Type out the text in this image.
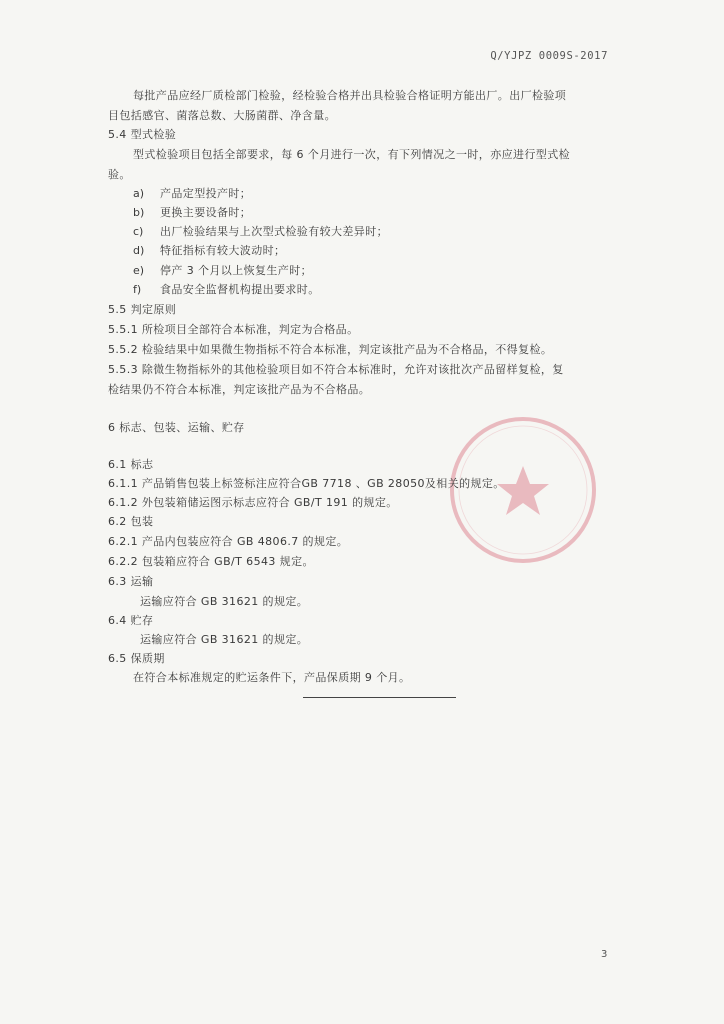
Q/YJPZ 0009S-2017
每批产品应经厂质检部门检验，经检验合格并出具检验合格证明方能出厂。出厂检验项
目包括感官、菌落总数、大肠菌群、净含量。
5.4 型式检验
型式检验项目包括全部要求，每 6 个月进行一次，有下列情况之一时，亦应进行型式检
验。
a) 产品定型投产时；
b) 更换主要设备时；
c) 出厂检验结果与上次型式检验有较大差异时；
d) 特征指标有较大波动时；
e) 停产 3 个月以上恢复生产时；
f) 食品安全监督机构提出要求时。
5.5 判定原则
5.5.1 所检项目全部符合本标准，判定为合格品。
5.5.2 检验结果中如果微生物指标不符合本标准，判定该批产品为不合格品，不得复检。
5.5.3 除微生物指标外的其他检验项目如不符合本标准时，允许对该批次产品留样复检，复
检结果仍不符合本标准，判定该批产品为不合格品。
6 标志、包装、运输、贮存
6.1 标志
6.1.1 产品销售包装上标签标注应符合GB 7718 、GB 28050及相关的规定。
6.1.2 外包装箱储运图示标志应符合 GB/T 191 的规定。
6.2 包装
6.2.1 产品内包装应符合 GB 4806.7 的规定。
6.2.2 包装箱应符合 GB/T 6543 规定。
6.3 运输
运输应符合 GB 31621 的规定。
6.4 贮存
运输应符合 GB 31621 的规定。
6.5 保质期
在符合本标准规定的贮运条件下，产品保质期 9 个月。
3
